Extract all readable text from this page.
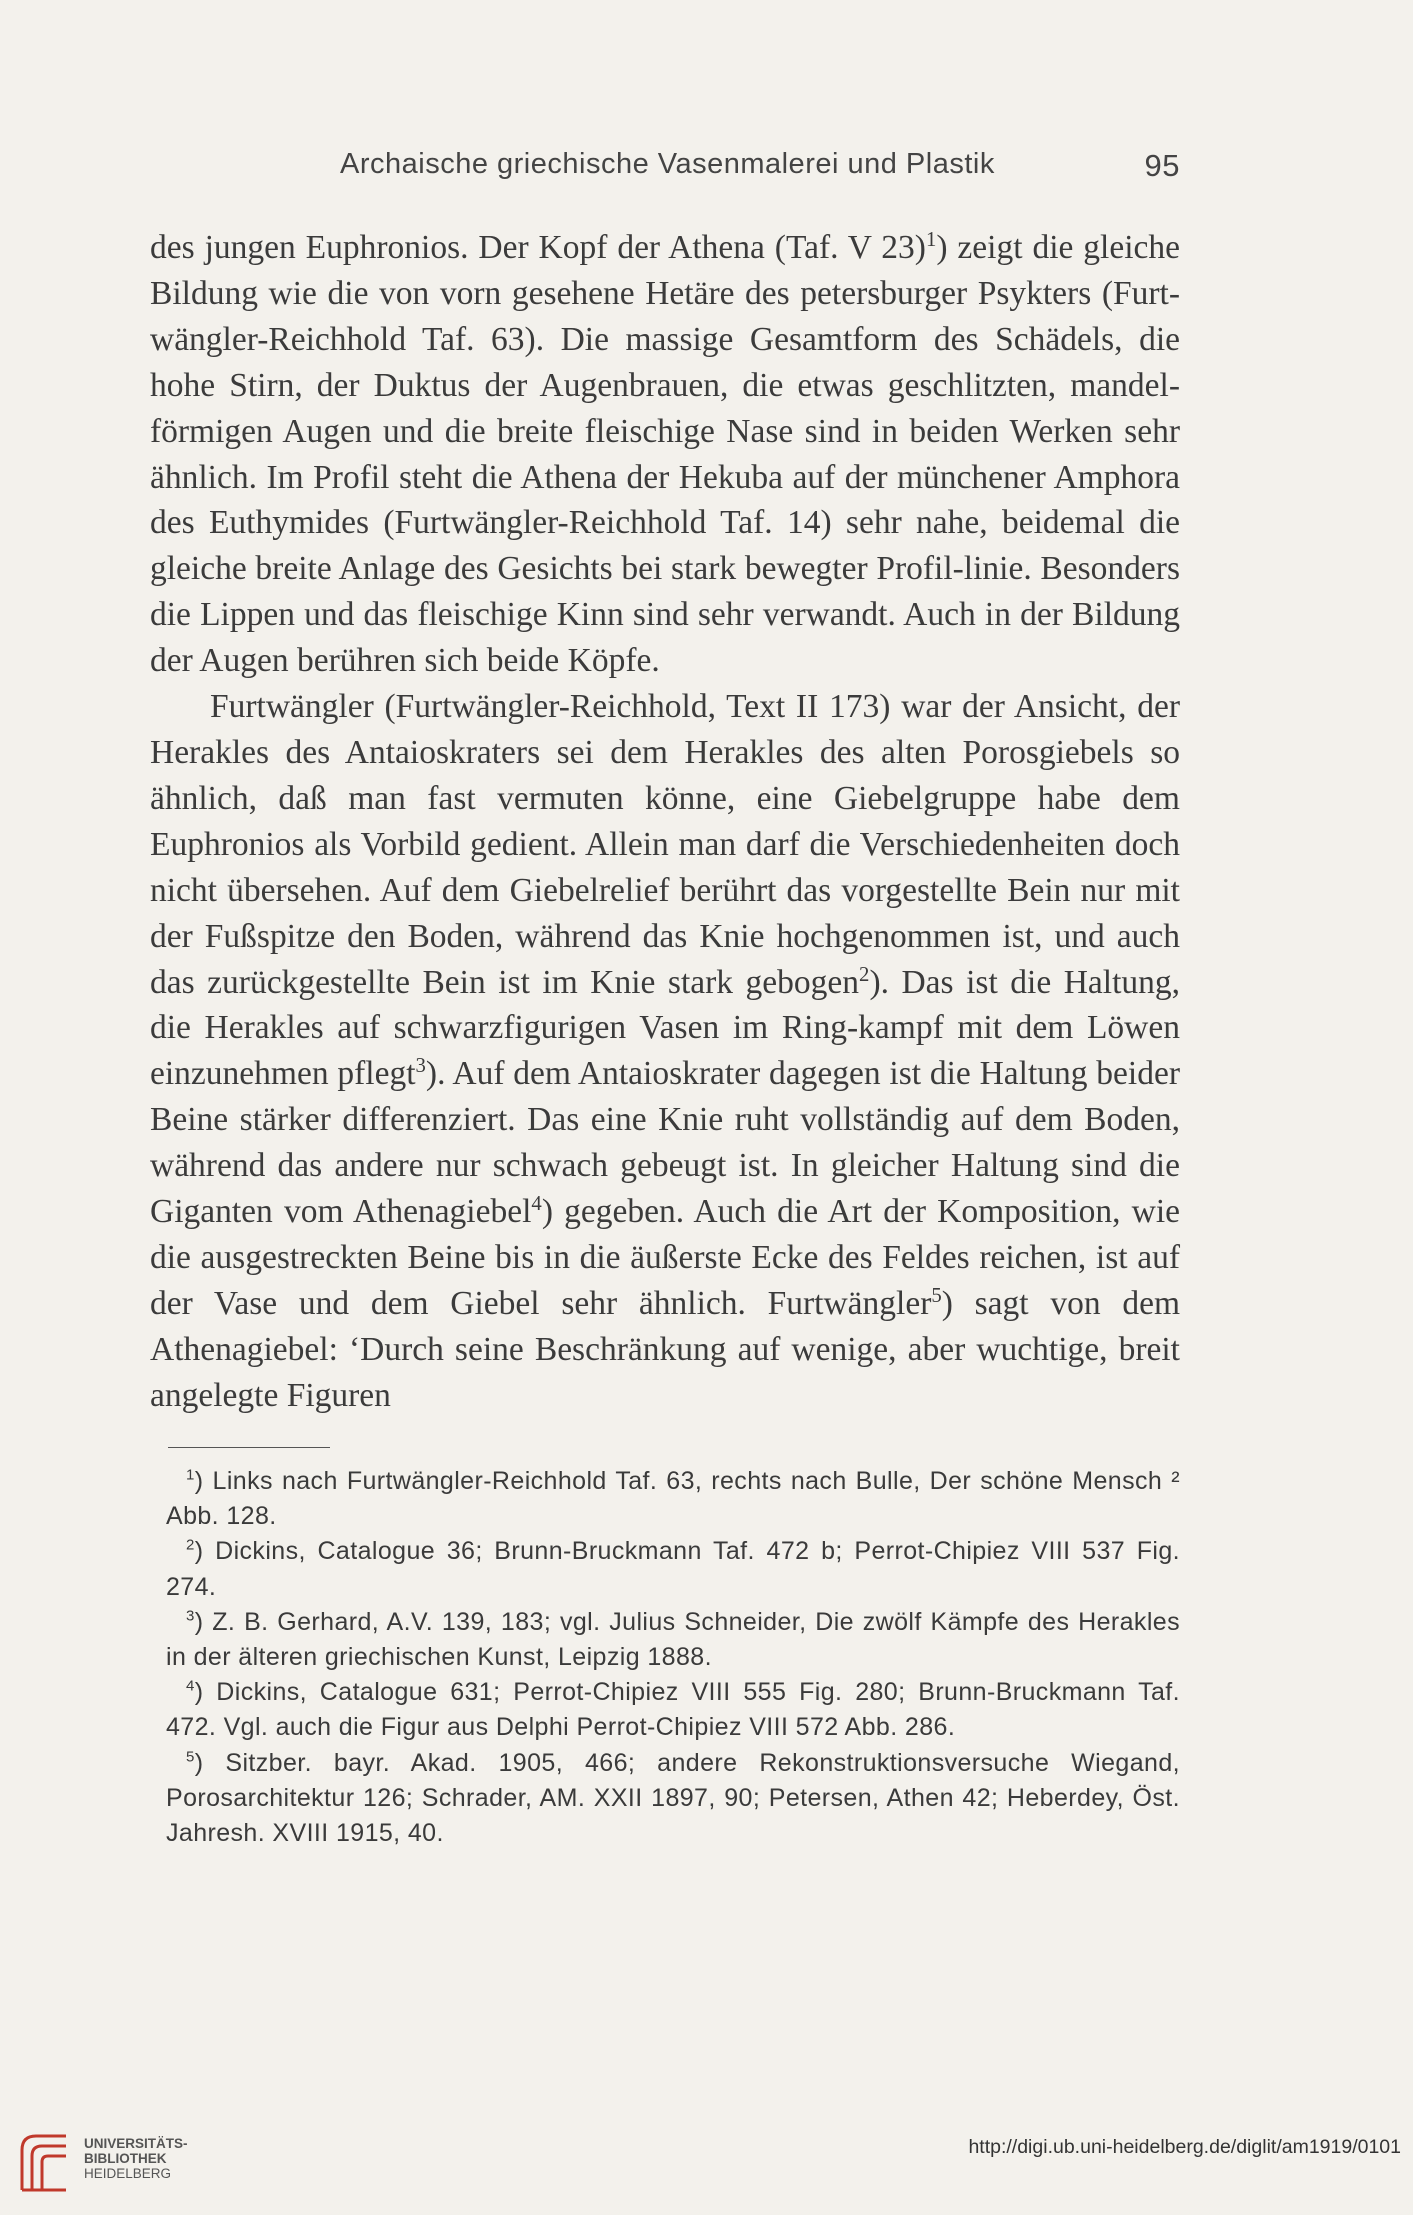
Archaische griechische Vasenmalerei und Plastik	95

des jungen Euphronios. Der Kopf der Athena (Taf. V 23)$^1$) zeigt die gleiche Bildung wie die von vorn gesehene Hetäre des petersburger Psykters (Furt-wängler-Reichhold Taf. 63). Die massige Gesamtform des Schädels, die hohe Stirn, der Duktus der Augenbrauen, die etwas geschlitzten, mandel-förmigen Augen und die breite fleischige Nase sind in beiden Werken sehr ähnlich. Im Profil steht die Athena der Hekuba auf der münchener Amphora des Euthymides (Furtwängler-Reichhold Taf. 14) sehr nahe, beidemal die gleiche breite Anlage des Gesichts bei stark bewegter Profil-linie. Besonders die Lippen und das fleischige Kinn sind sehr verwandt. Auch in der Bildung der Augen berühren sich beide Köpfe.

Furtwängler (Furtwängler-Reichhold, Text II 173) war der Ansicht, der Herakles des Antaioskraters sei dem Herakles des alten Porosgiebels so ähnlich, daß man fast vermuten könne, eine Giebelgruppe habe dem Euphronios als Vorbild gedient. Allein man darf die Verschiedenheiten doch nicht übersehen. Auf dem Giebelrelief berührt das vorgestellte Bein nur mit der Fußspitze den Boden, während das Knie hochgenommen ist, und auch das zurückgestellte Bein ist im Knie stark gebogen$^2$). Das ist die Haltung, die Herakles auf schwarzfigurigen Vasen im Ring-kampf mit dem Löwen einzunehmen pflegt$^3$). Auf dem Antaioskrater dagegen ist die Haltung beider Beine stärker differenziert. Das eine Knie ruht vollständig auf dem Boden, während das andere nur schwach gebeugt ist. In gleicher Haltung sind die Giganten vom Athenagiebel$^4$) gegeben. Auch die Art der Komposition, wie die ausgestreckten Beine bis in die äußerste Ecke des Feldes reichen, ist auf der Vase und dem Giebel sehr ähnlich. Furtwängler$^5$) sagt von dem Athenagiebel: ‘Durch seine Beschränkung auf wenige, aber wuchtige, breit angelegte Figuren

$^1$) Links nach Furtwängler-Reichhold Taf. 63, rechts nach Bulle, Der schöne Mensch ² Abb. 128.

$^2$) Dickins, Catalogue 36; Brunn-Bruckmann Taf. 472 b; Perrot-Chipiez VIII 537 Fig. 274.

$^3$) Z. B. Gerhard, A.V. 139, 183; vgl. Julius Schneider, Die zwölf Kämpfe des Herakles in der älteren griechischen Kunst, Leipzig 1888.

$^4$) Dickins, Catalogue 631; Perrot-Chipiez VIII 555 Fig. 280; Brunn-Bruckmann Taf. 472. Vgl. auch die Figur aus Delphi Perrot-Chipiez VIII 572 Abb. 286.

$^5$) Sitzber. bayr. Akad. 1905, 466; andere Rekonstruktionsversuche Wiegand, Porosarchitektur 126; Schrader, AM. XXII 1897, 90; Petersen, Athen 42; Heberdey, Öst. Jahresh. XVIII 1915, 40.

UNIVERSITÄTS-
BIBLIOTHEK
HEIDELBERG
http://digi.ub.uni-heidelberg.de/diglit/am1919/0101
